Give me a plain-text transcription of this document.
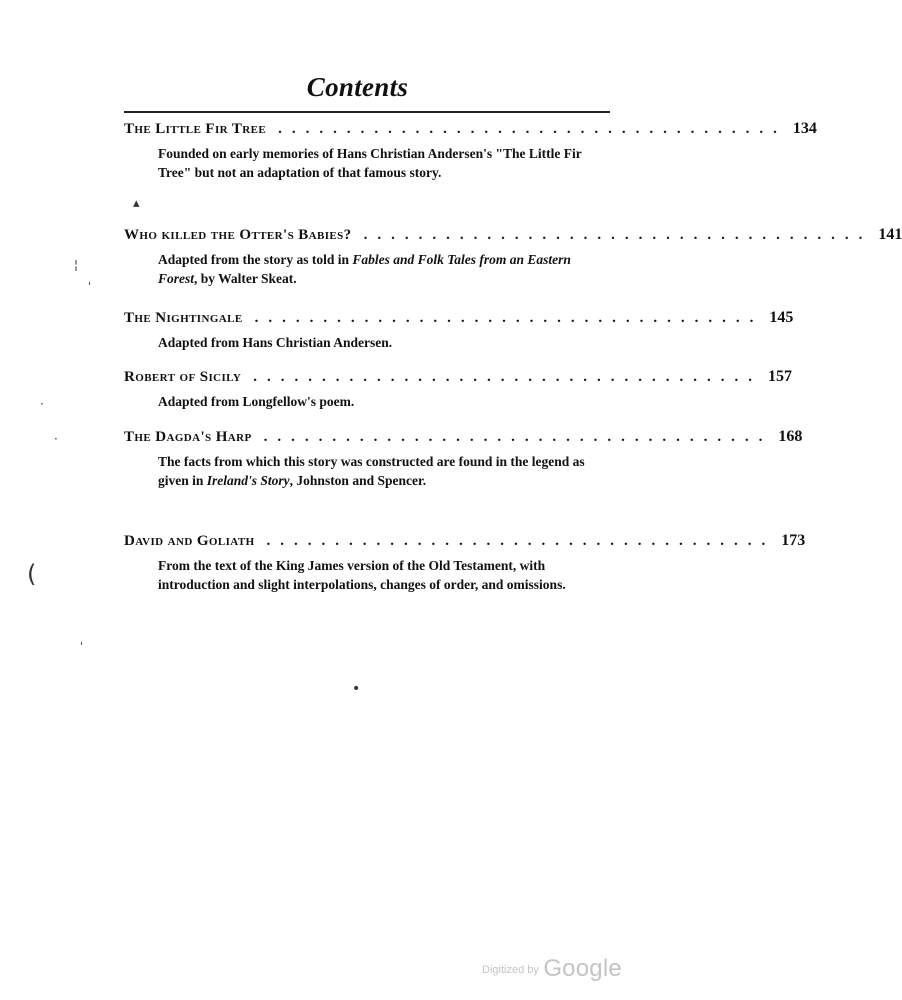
Contents
The Little Fir Tree ..................................... 134
Founded on early memories of Hans Christian Andersen's "The Little Fir Tree" but not an adaptation of that famous story.
Who killed the Otter's Babies? ..................................... 141
Adapted from the story as told in Fables and Folk Tales from an Eastern Forest, by Walter Skeat.
The Nightingale ..................................... 145
Adapted from Hans Christian Andersen.
Robert of Sicily ..................................... 157
Adapted from Longfellow's poem.
The Dagda's Harp ..................................... 168
The facts from which this story was constructed are found in the legend as given in Ireland's Story, Johnston and Spencer.
David and Goliath ..................................... 173
From the text of the King James version of the Old Testament, with introduction and slight interpolations, changes of order, and omissions.
▴
¦
'
·
·
(
'
•
Digitized by Google
